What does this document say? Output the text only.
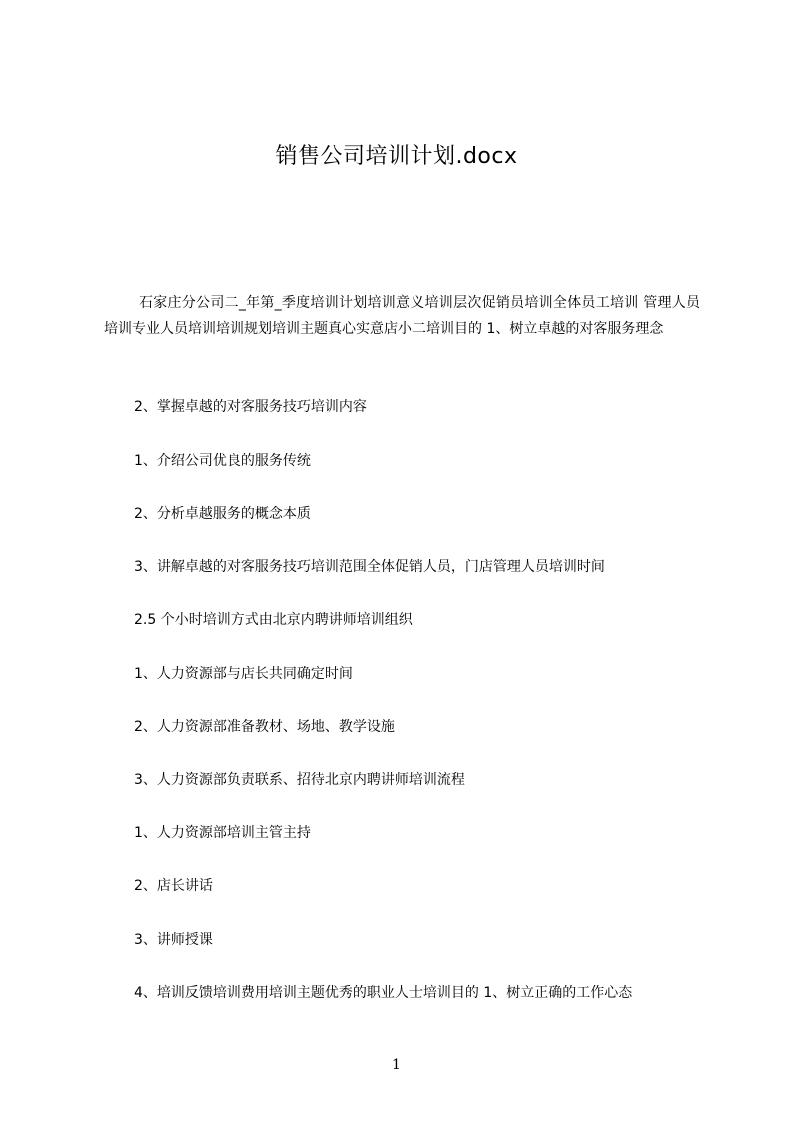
销售公司培训计划.docx

石家庄分公司二_年第_季度培训计划培训意义培训层次促销员培训全体员工培训 管理人员培训专业人员培训培训规划培训主题真心实意店小二培训目的 1、树立卓越的对客服务理念

2、掌握卓越的对客服务技巧培训内容

1、介绍公司优良的服务传统

2、分析卓越服务的概念本质

3、讲解卓越的对客服务技巧培训范围全体促销人员，门店管理人员培训时间

2.5 个小时培训方式由北京内聘讲师培训组织

1、人力资源部与店长共同确定时间

2、人力资源部准备教材、场地、教学设施

3、人力资源部负责联系、招待北京内聘讲师培训流程

1、人力资源部培训主管主持

2、店长讲话

3、讲师授课

4、培训反馈培训费用培训主题优秀的职业人士培训目的 1、树立正确的工作心态

1
